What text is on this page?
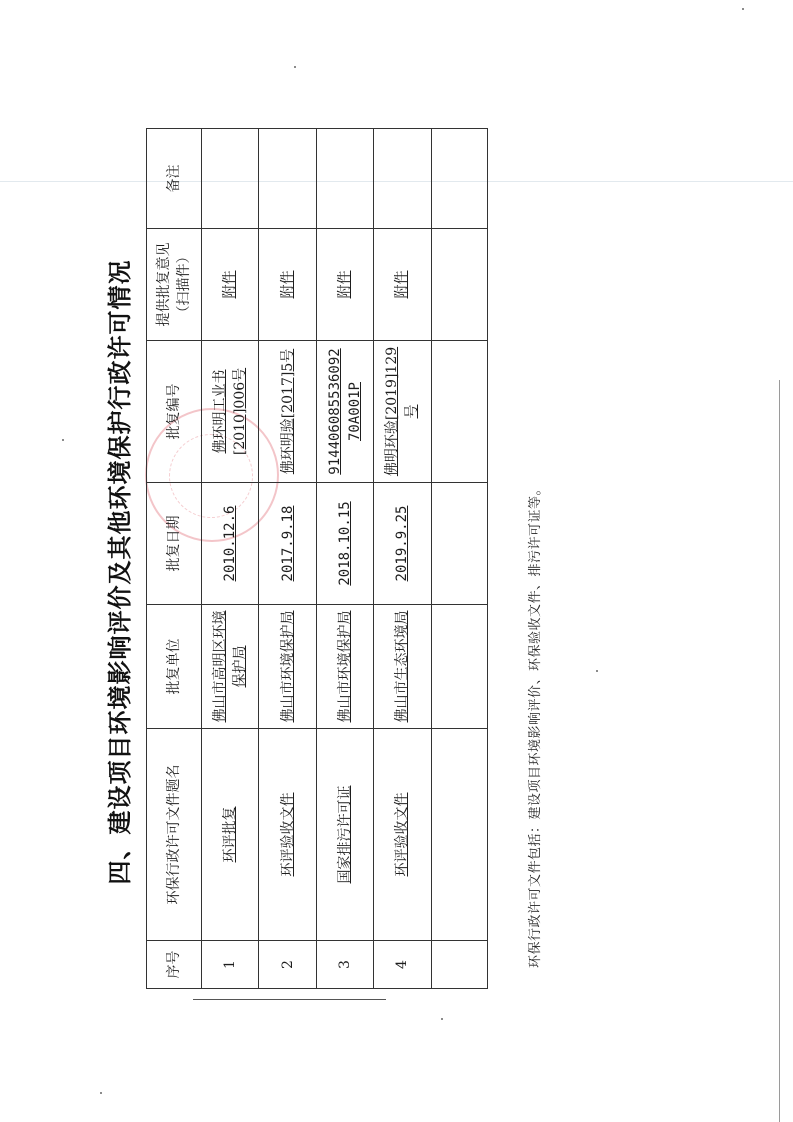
四、建设项目环境影响评价及其他环境保护行政许可情况
序号	环保行政许可文件题名	批复单位	批复日期	批复编号	提供批复意见（扫描件）	备注
1	环评批复	佛山市高明区环境保护局	2010.12.6	佛环明工业书[2010]006号	附件	
2	环评验收文件	佛山市环境保护局	2017.9.18	佛环明验[2017]5号	附件	
3	国家排污许可证	佛山市环境保护局	2018.10.15	914406085536092 70A001P	附件	
4	环评验收文件	佛山市生态环境局	2019.9.25	佛明环验[2019]129号	附件	

环保行政许可文件包括：建设项目环境影响评价、环保验收文件、排污许可证等。
